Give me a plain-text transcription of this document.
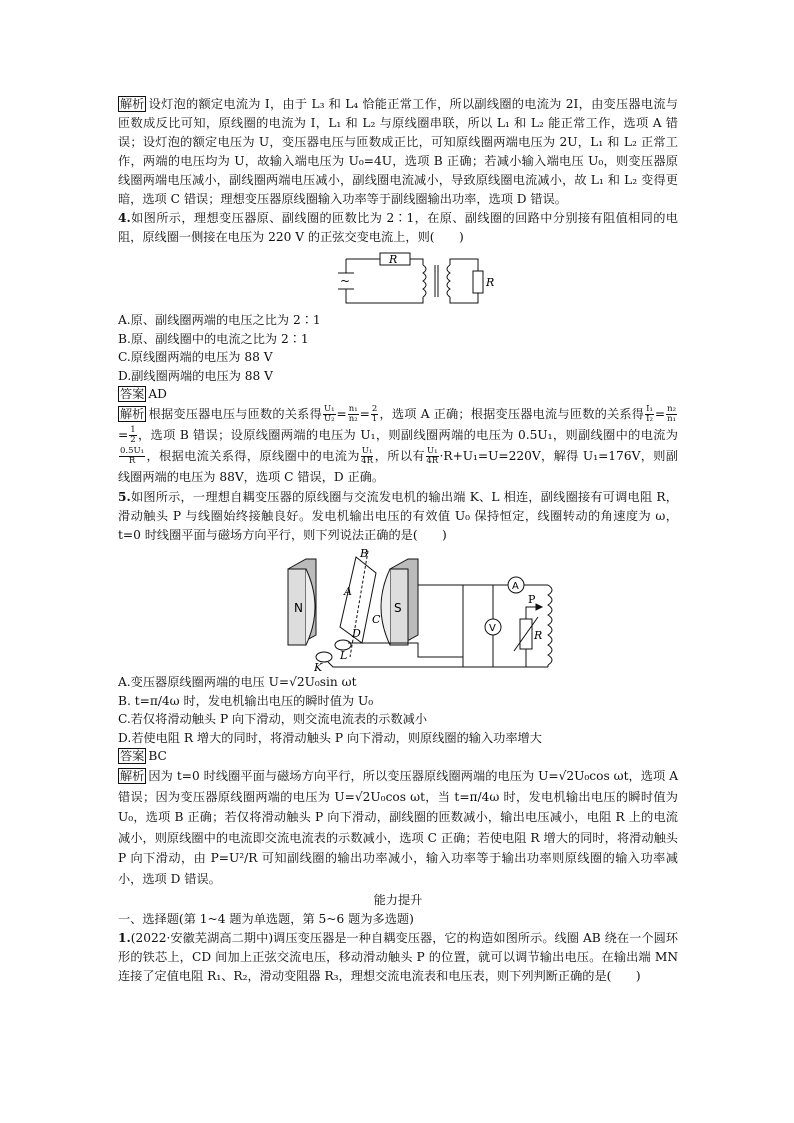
解析 设灯泡的额定电流为 I，由于 L₃ 和 L₄ 恰能正常工作，所以副线圈的电流为 2I，由变压器电流与匝数成反比可知，原线圈的电流为 I，L₁ 和 L₂ 与原线圈串联，所以 L₁ 和 L₂ 能正常工作，选项 A 错误；设灯泡的额定电压为 U，变压器电压与匝数成正比，可知原线圈两端电压为 2U，L₁ 和 L₂ 正常工作，两端的电压均为 U，故输入端电压为 U₀=4U，选项 B 正确；若减小输入端电压 U₀，则变压器原线圈两端电压减小，副线圈两端电压减小，副线圈电流减小，导致原线圈电流减小，故 L₁ 和 L₂ 变得更暗，选项 C 错误；理想变压器原线圈输入功率等于副线圈输出功率，选项 D 错误。

4.如图所示，理想变压器原、副线圈的匝数比为 2∶1，在原、副线圈的回路中分别接有阻值相同的电阻，原线圈一侧接在电压为 220 V 的正弦交变电流上，则(　　)

~
R
R
A.原、副线圈两端的电压之比为 2∶1
B.原、副线圈中的电流之比为 2∶1
C.原线圈两端的电压为 88 V
D.副线圈两端的电压为 88 V

答案 AD

解析 根据变压器电压与匝数的关系得 $\frac{\text{U₁}}{\text{U₂}} = \frac{\text{n₁}}{\text{n₂}} = \frac{2}{1}$ ，选项 A 正确；根据变压器电流与匝数的关系得 $\frac{\text{I₁}}{\text{I₂}} = \frac{\text{n₂}}{\text{n₁}}$
= $\frac{1}{2}$ ，选项 B 错误；设原线圈两端的电压为 U₁，则副线圈两端的电压为 0.5U₁，则副线圈中的电流为
$\frac{\text{0.5U₁}}{R}$ ，根据电流关系得，原线圈中的电流为 $\frac{\text{U₁}}{4R}$ ，所以有 $\frac{\text{U₁}}{4R} \cdot R+U_1=U=220V$，解得 U₁=176V，则副线圈两端的电压为 88V，选项 C 错误，D 正确。

5.如图所示，一理想自耦变压器的原线圈与交流发电机的输出端 K、L 相连，副线圈接有可调电阻 R，滑动触头 P 与线圈始终接触良好。发电机输出电压的有效值 U₀ 保持恒定，线圈转动的角速度为 ω，t=0 时线圈平面与磁场方向平行，则下列说法正确的是(　　)

N	S
A
B
C
D
L
K
A
V
P
R
A.变压器原线圈两端的电压 U=√2U₀sin ωt
B. t=π/4ω 时，发电机输出电压的瞬时值为 U₀
C.若仅将滑动触头 P 向下滑动，则交流电流表的示数减小
D.若使电阻 R 增大的同时，将滑动触头 P 向下滑动，则原线圈的输入功率增大

答案 BC

解析 因为 t=0 时线圈平面与磁场方向平行，所以变压器原线圈两端的电压为 U=√2U₀cos ωt，选项 A 错误；因为变压器原线圈两端的电压为 U=√2U₀cos ωt，当 t=π/4ω 时，发电机输出电压的瞬时值为 U₀，选项 B 正确；若仅将滑动触头 P 向下滑动，副线圈的匝数减小，输出电压减小，电阻 R 上的电流减小，则原线圈中的电流即交流电流表的示数减小，选项 C 正确；若使电阻 R 增大的同时，将滑动触头 P 向下滑动，由 P=U²/R 可知副线圈的输出功率减小，输入功率等于输出功率则原线圈的输入功率减小，选项 D 错误。

能力提升

一、选择题(第 1~4 题为单选题，第 5~6 题为多选题)

1.(2022·安徽芜湖高二期中)调压变压器是一种自耦变压器，它的构造如图所示。线圈 AB 绕在一个圆环形的铁芯上，CD 间加上正弦交流电压，移动滑动触头 P 的位置，就可以调节输出电压。在输出端 MN 连接了定值电阻 R₁、R₂，滑动变阻器 R₃，理想交流电流表和电压表，则下列判断正确的是(　　)
